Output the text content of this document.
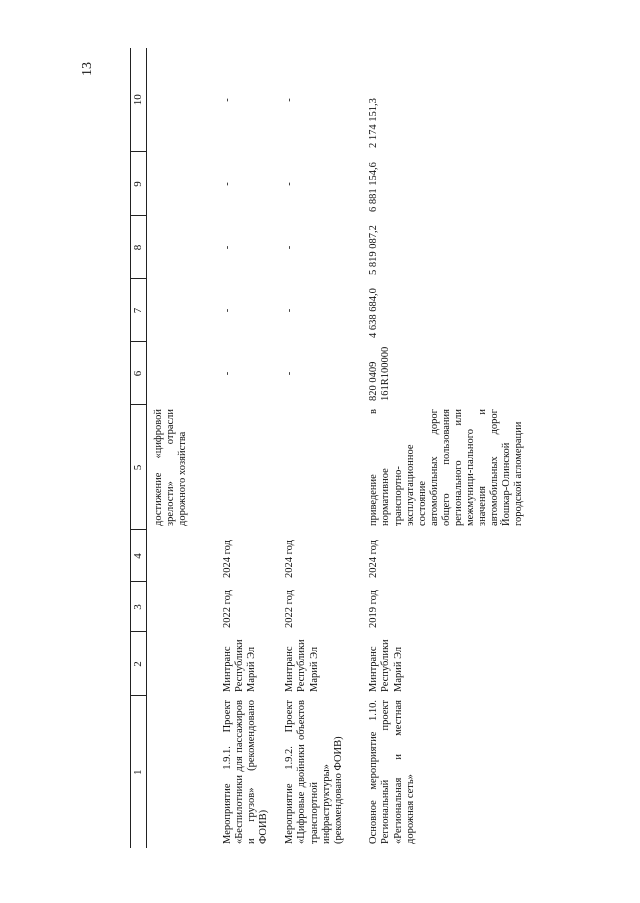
13
1	2	3	4	5	6	7	8	9	10
				достижение «цифровой зрелости» отрасли дорожного хозяйства					
Мероприятие 1.9.1. Проект «Беспилотники для пассажиров и грузов» (рекомендовано ФОИВ)	Минтранс Республики Марий Эл	2022 год	2024 год		-	-	-	-	-
Мероприятие 1.9.2. Проект «Цифровые двойники объектов транспортной инфраструктуры» (рекомендовано ФОИВ)	Минтранс Республики Марий Эл	2022 год	2024 год		-	-	-	-	-
Основное мероприятие 1.10. Региональный проект «Региональная и местная дорожная сеть»	Минтранс Республики Марий Эл	2019 год	2024 год	приведение в нормативное транспортно-эксплуатационное состояние автомобильных дорог общего пользования регионального или межмуници-пального значения и автомобильных дорог Йошкар-Олинской городской агломерации	820 0409 161R100000	4 638 684,0	5 819 087,2	6 881 154,6	2 174 151,3
